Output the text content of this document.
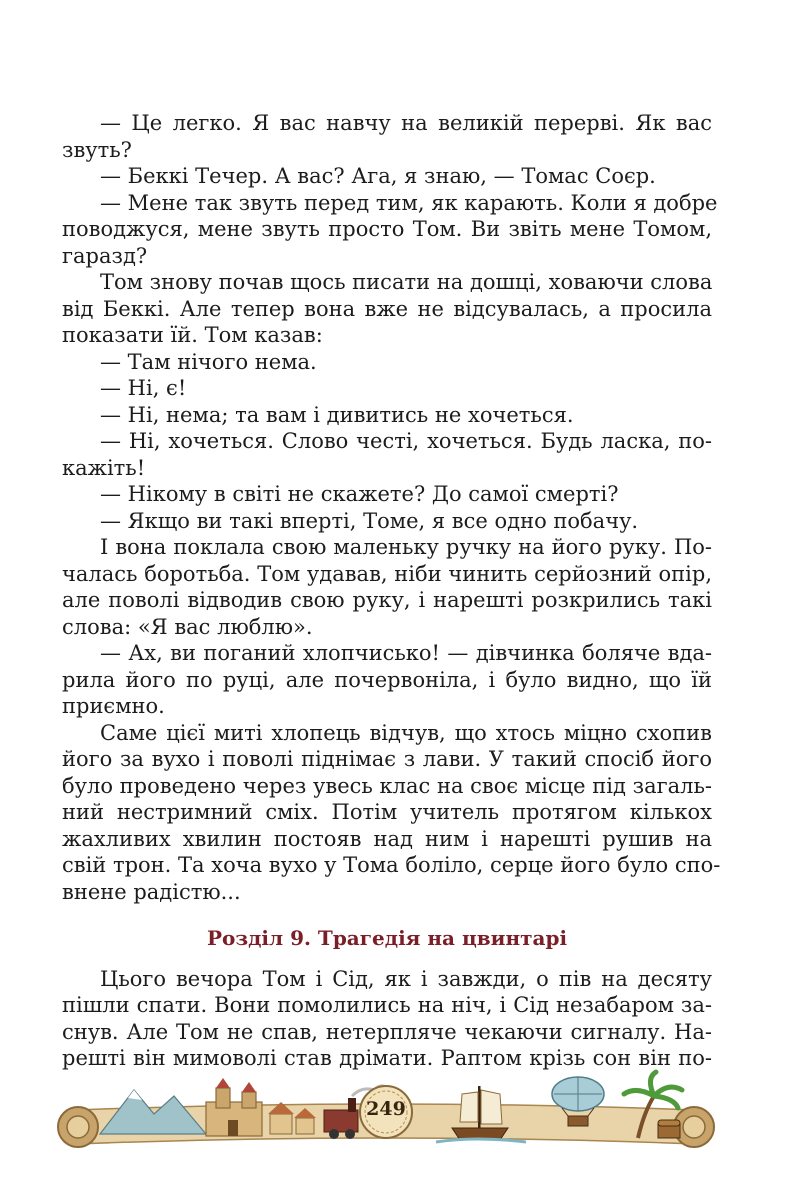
— Це легко. Я вас навчу на великій перерві. Як вас
звуть?
— Беккі Течер. А вас? Ага, я знаю, — Томас Соєр.
— Мене так звуть перед тим, як карають. Коли я добре
поводжуся, мене звуть просто Том. Ви звіть мене Томом,
гаразд?
Том знову почав щось писати на дошці, ховаючи слова
від Беккі. Але тепер вона вже не відсувалась, а просила
показати їй. Том казав:
— Там нічого нема.
— Ні, є!
— Ні, нема; та вам і дивитись не хочеться.
— Ні, хочеться. Слово честі, хочеться. Будь ласка, по-
кажіть!
— Нікому в світі не скажете? До самої смерті?
— Якщо ви такі вперті, Томе, я все одно побачу.
І вона поклала свою маленьку ручку на його руку. По-
чалась боротьба. Том удавав, ніби чинить серйозний опір,
але поволі відводив свою руку, і нарешті розкрились такі
слова: «Я вас люблю».
— Ах, ви поганий хлопчисько! — дівчинка боляче вда-
рила його по руці, але почервоніла, і було видно, що їй
приємно.
Саме цієї миті хлопець відчув, що хтось міцно схопив
його за вухо і поволі піднімає з лави. У такий спосіб його
було проведено через увесь клас на своє місце під загаль-
ний нестримний сміх. Потім учитель протягом кількох
жахливих хвилин постояв над ним і нарешті рушив на
свій трон. Та хоча вухо у Тома боліло, серце його було спо-
внене радістю...
Розділ 9. Трагедія на цвинтарі
Цього вечора Том і Сід, як і завжди, о пів на десяту
пішли спати. Вони помолились на ніч, і Сід незабаром за-
снув. Але Том не спав, нетерпляче чекаючи сигналу. На-
решті він мимоволі став дрімати. Раптом крізь сон він по-
249
